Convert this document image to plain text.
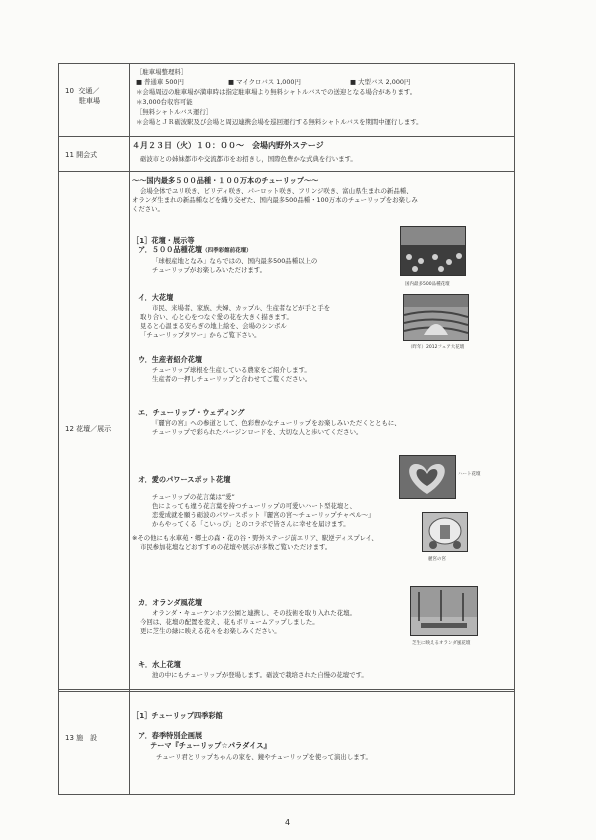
10 交通／
駐車場
11 開会式
12 花壇／展示
13 施　設
［駐車場整理料］
■ 普通車 500円	■ マイクロバス 1,000円	■ 大型バス 2,000円
＊会場周辺の駐車場が満車時は指定駐車場より無料シャトルバスでの送迎となる場合があります。
＊3,000台収容可能
［無料シャトルバス運行］
＊会場とＪＲ砺波駅及び会場と周辺連携会場を巡回運行する無料シャトルバスを期間中運行します。
４月２３日（火）１０：００～　会場内野外ステージ
砺波市との姉妹都市や交流都市をお招きし，国際色豊かな式典を行います。
～～国内最多５００品種・１００万本のチューリップ～～
会場全体でユリ咲き、ビリディ咲き、パーロット咲き、フリンジ咲き、富山県生まれの新品種、
オランダ生まれの新品種などを織り交ぜた、国内最多500品種・100万本のチューリップをお楽しみ
ください。
［1］花壇・展示等
ア．５００品種花壇（四季彩館前花壇）
「球根産地となみ」ならではの、国内最多500品種以上の
チューリップがお楽しみいただけます。
国内最多500品種花壇
イ．大花壇
市民、来場者、家族、夫婦、カップル、生産者などが手と手を
取り合い、心と心をつなぐ愛の花を大きく描きます。
見ると心温まる安らぎの地上絵を、会場のシンボル
「チューリップタワー」からご覧下さい。
（昨年）2012フェア大花壇
ウ．生産者紹介花壇
チューリップ球根を生産している農家をご紹介します。
生産者の一押しチューリップと合わせてご覧ください。
エ．チューリップ・ウェディング
『麗宮の宮』への参道として、色彩豊かなチューリップをお楽しみいただくとともに、
チューリップで彩られたバージンロードを、大切な人と歩いてください。
オ．愛のパワースポット花壇
ハート花壇
チューリップの花言葉は“愛”
色によっても違う花言葉を持つチューリップの可愛いハート型花壇と、
恋愛成就を願う砺波のパワースポット『麗宮の宮～チューリップチャペル～』
からやってくる「こいっぴ」とのコラボで皆さんに幸せを届けます。
※その他にも水車苑・郷土の森・花の谷・野外ステージ前エリア、駅逆ディスプレイ、
市民参加花壇などおすすめの花壇や展示が多数ご覧いただけます。
麗宮の宮
カ．オランダ風花壇
オランダ・キューケンホフ公園と連携し、その技術を取り入れた花壇。
今回は、花壇の配置を変え、花もボリュームアップしました。
更に芝生の緑に映える花々をお楽しみください。
芝生に映えるオランダ風花壇
キ．水上花壇
池の中にもチューリップが登場します。砺波で栽培された自慢の花壇です。
［1］チューリップ四季彩館
ア．春季特別企画展
テーマ『チューリップ☆パラダイス』
チューリ君とリップちゃんの家を、鏡やチューリップを使って演出します。
4
